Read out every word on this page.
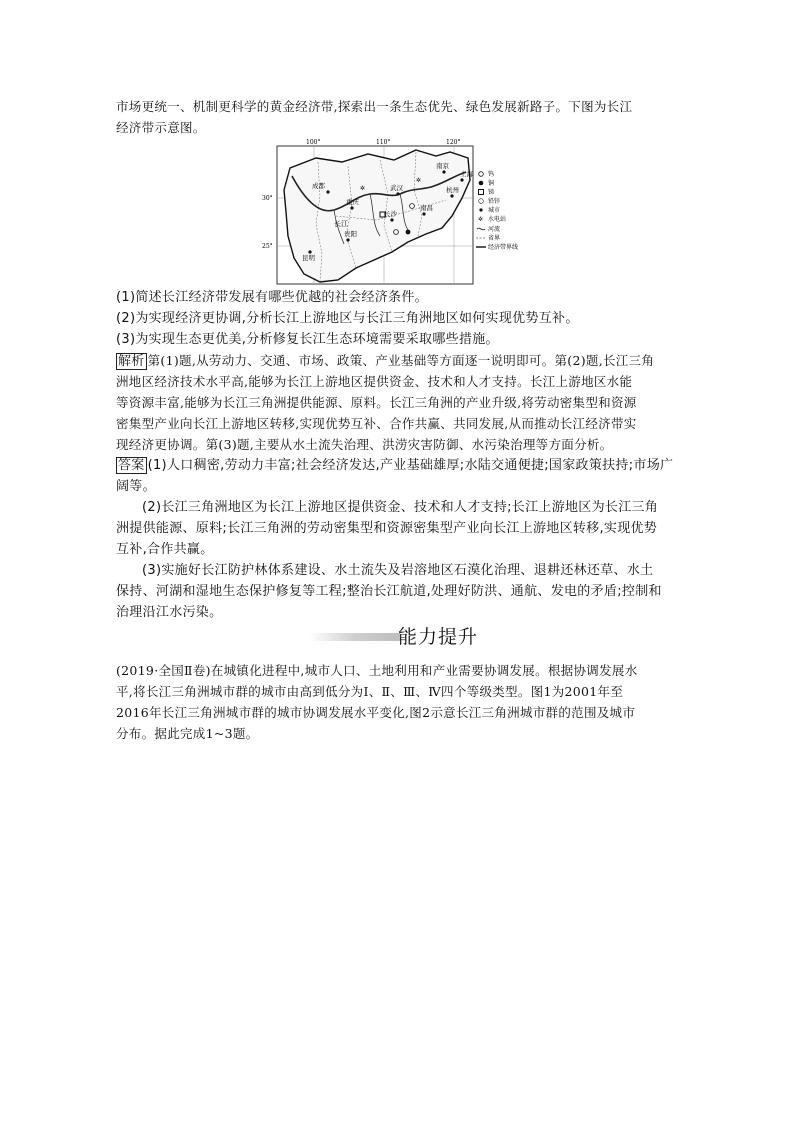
市场更统一、机制更科学的黄金经济带,探索出一条生态优先、绿色发展新路子。下图为长江
经济带示意图。
100°	110°	120°
30°
25°
南京
上海
武汉
成都
重庆
贵阳
长沙
南昌
杭州
昆明
长江
✲
✲
钨
铜
锑
铅锌
城市
✲ 水电站
河流
省界
经济带界线
(1)简述长江经济带发展有哪些优越的社会经济条件。
(2)为实现经济更协调,分析长江上游地区与长江三角洲地区如何实现优势互补。
(3)为实现生态更优美,分析修复长江生态环境需要采取哪些措施。
解析 第(1)题,从劳动力、交通、市场、政策、产业基础等方面逐一说明即可。第(2)题,长江三角
洲地区经济技术水平高,能够为长江上游地区提供资金、技术和人才支持。长江上游地区水能
等资源丰富,能够为长江三角洲提供能源、原料。长江三角洲的产业升级,将劳动密集型和资源
密集型产业向长江上游地区转移,实现优势互补、合作共赢、共同发展,从而推动长江经济带实
现经济更协调。第(3)题,主要从水土流失治理、洪涝灾害防御、水污染治理等方面分析。
答案 (1)人口稠密,劳动力丰富;社会经济发达,产业基础雄厚;水陆交通便捷;国家政策扶持;市场广
阔等。
(2)长江三角洲地区为长江上游地区提供资金、技术和人才支持;长江上游地区为长江三角
洲提供能源、原料;长江三角洲的劳动密集型和资源密集型产业向长江上游地区转移,实现优势
互补,合作共赢。
(3)实施好长江防护林体系建设、水土流失及岩溶地区石漠化治理、退耕还林还草、水土
保持、河湖和湿地生态保护修复等工程;整治长江航道,处理好防洪、通航、发电的矛盾;控制和
治理沿江水污染。
能力提升
(2019·全国Ⅱ卷)在城镇化进程中,城市人口、土地利用和产业需要协调发展。根据协调发展水
平,将长江三角洲城市群的城市由高到低分为Ⅰ、Ⅱ、Ⅲ、Ⅳ四个等级类型。图1为2001年至
2016年长江三角洲城市群的城市协调发展水平变化,图2示意长江三角洲城市群的范围及城市
分布。据此完成1~3题。
